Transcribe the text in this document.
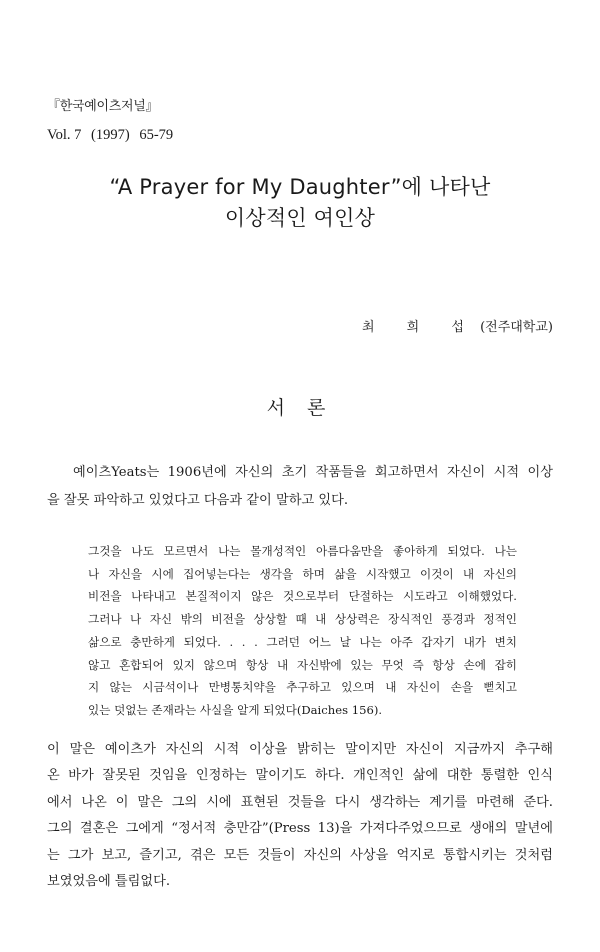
『한국예이츠저널』
Vol. 7 (1997) 65-79
“A Prayer for My Daughter”에 나타난
이상적인 여인상
최 희 섭 (전주대학교)
서 론
예이츠Yeats는 1906년에 자신의 초기 작품들을 회고하면서 자신이 시적 이상
을 잘못 파악하고 있었다고 다음과 같이 말하고 있다.
그것을 나도 모르면서 나는 몰개성적인 아름다움만을 좋아하게 되었다. 나는
나 자신을 시에 집어넣는다는 생각을 하며 삶을 시작했고 이것이 내 자신의
비전을 나타내고 본질적이지 않은 것으로부터 단절하는 시도라고 이해했었다.
그러나 나 자신 밖의 비전을 상상할 때 내 상상력은 장식적인 풍경과 정적인
삶으로 충만하게 되었다. . . . 그러던 어느 날 나는 아주 갑자기 내가 변치
않고 혼합되어 있지 않으며 항상 내 자신밖에 있는 무엇 즉 항상 손에 잡히
지 않는 시금석이나 만병통치약을 추구하고 있으며 내 자신이 손을 뻗치고
있는 덧없는 존재라는 사실을 알게 되었다(Daiches 156).
이 말은 예이츠가 자신의 시적 이상을 밝히는 말이지만 자신이 지금까지 추구해
온 바가 잘못된 것임을 인정하는 말이기도 하다. 개인적인 삶에 대한 통렬한 인식
에서 나온 이 말은 그의 시에 표현된 것들을 다시 생각하는 계기를 마련해 준다.
그의 결혼은 그에게 “정서적 충만감”(Press 13)을 가져다주었으므로 생애의 말년에
는 그가 보고, 즐기고, 겪은 모든 것들이 자신의 사상을 억지로 통합시키는 것처럼
보였었음에 틀림없다.
